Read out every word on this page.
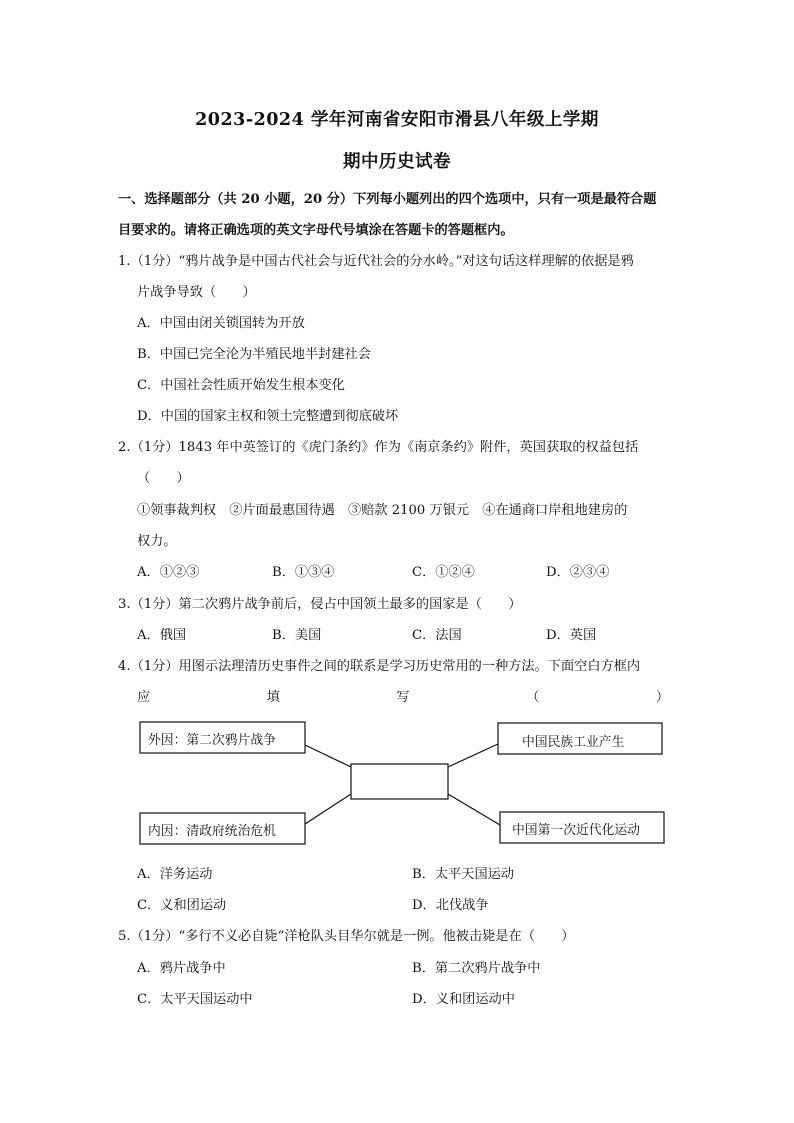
2023-2024 学年河南省安阳市滑县八年级上学期
期中历史试卷
一、选择题部分（共 20 小题，20 分）下列每小题列出的四个选项中，只有一项是最符合题
目要求的。请将正确选项的英文字母代号填涂在答题卡的答题框内。
1.（1分）“鸦片战争是中国古代社会与近代社会的分水岭。”对这句话这样理解的依据是鸦
片战争导致（　　）
A．中国由闭关锁国转为开放
B．中国已完全沦为半殖民地半封建社会
C．中国社会性质开始发生根本变化
D．中国的国家主权和领土完整遭到彻底破坏
2.（1分）1843 年中英签订的《虎门条约》作为《南京条约》附件，英国获取的权益包括
（　　）
①领事裁判权　②片面最惠国待遇　③赔款 2100 万银元　④在通商口岸租地建房的
权力。
A．①②③	B．①③④	C．①②④	D．②③④
3.（1分）第二次鸦片战争前后，侵占中国领土最多的国家是（　　）
A．俄国	B．美国	C．法国	D．英国
4.（1分）用图示法理清历史事件之间的联系是学习历史常用的一种方法。下面空白方框内
应	填	写	（	）
外因：第二次鸦片战争
内因：清政府统治危机
中国民族工业产生
中国第一次近代化运动
A．洋务运动	B．太平天国运动
C．义和团运动	D．北伐战争
5.（1分）“多行不义必自毙”洋枪队头目华尔就是一例。他被击毙是在（　　）
A．鸦片战争中	B．第二次鸦片战争中
C．太平天国运动中	D．义和团运动中
